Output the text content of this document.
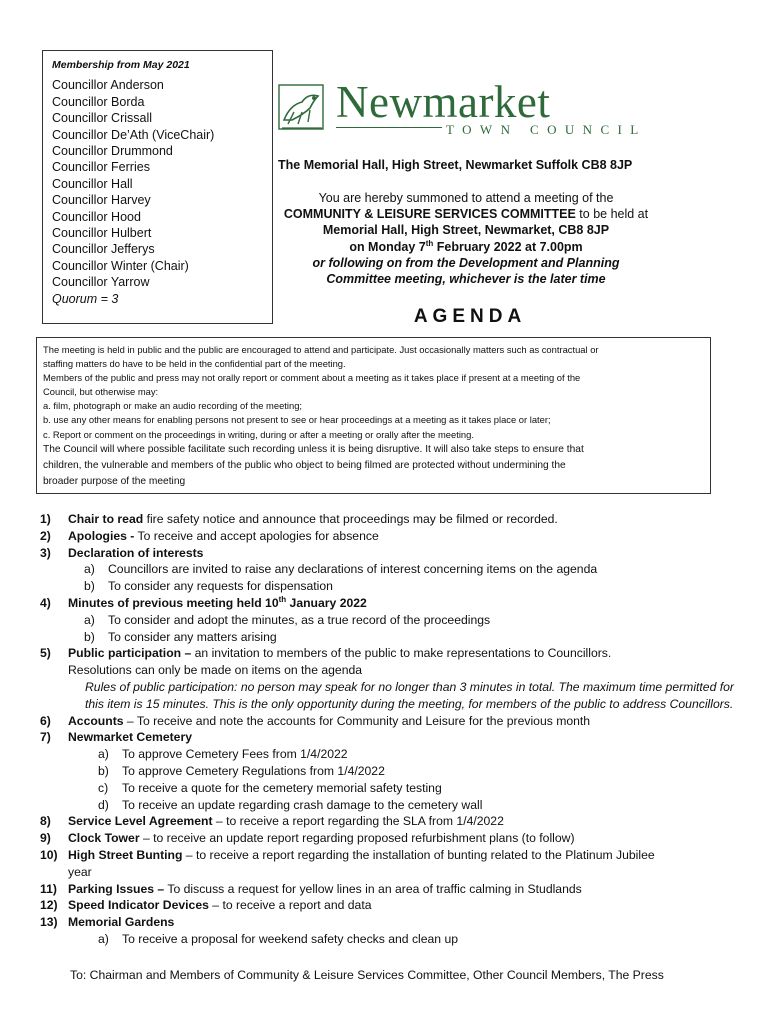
Membership from May 2021
Councillor Anderson
Councillor Borda
Councillor Crissall
Councillor De’Ath (ViceChair)
Councillor Drummond
Councillor Ferries
Councillor Hall
Councillor Harvey
Councillor Hood
Councillor Hulbert
Councillor Jefferys
Councillor Winter (Chair)
Councillor Yarrow
Quorum = 3
Newmarket
TOWN COUNCIL
The Memorial Hall, High Street, Newmarket Suffolk CB8 8JP
You are hereby summoned to attend a meeting of the
COMMUNITY & LEISURE SERVICES COMMITTEE to be held at
Memorial Hall, High Street, Newmarket, CB8 8JP
on Monday 7th February 2022 at 7.00pm
or following on from the Development and Planning
Committee meeting, whichever is the later time
AGENDA
The meeting is held in public and the public are encouraged to attend and participate. Just occasionally matters such as contractual or
staffing matters do have to be held in the confidential part of the meeting.
Members of the public and press may not orally report or comment about a meeting as it takes place if present at a meeting of the
Council, but otherwise may:
a. film, photograph or make an audio recording of the meeting;
b. use any other means for enabling persons not present to see or hear proceedings at a meeting as it takes place or later;
c. Report or comment on the proceedings in writing, during or after a meeting or orally after the meeting.
The Council will where possible facilitate such recording unless it is being disruptive. It will also take steps to ensure that
children, the vulnerable and members of the public who object to being filmed are protected without undermining the
broader purpose of the meeting
1) Chair to read fire safety notice and announce that proceedings may be filmed or recorded.
2) Apologies - To receive and accept apologies for absence
3) Declaration of interests
a) Councillors are invited to raise any declarations of interest concerning items on the agenda
b) To consider any requests for dispensation
4) Minutes of previous meeting held 10th January 2022
a) To consider and adopt the minutes, as a true record of the proceedings
b) To consider any matters arising
5) Public participation – an invitation to members of the public to make representations to Councillors.
Resolutions can only be made on items on the agenda
Rules of public participation: no person may speak for no longer than 3 minutes in total. The maximum time permitted for this item is 15 minutes. This is the only opportunity during the meeting, for members of the public to address Councillors.
6) Accounts – To receive and note the accounts for Community and Leisure for the previous month
7) Newmarket Cemetery
a) To approve Cemetery Fees from 1/4/2022
b) To approve Cemetery Regulations from 1/4/2022
c) To receive a quote for the cemetery memorial safety testing
d) To receive an update regarding crash damage to the cemetery wall
8) Service Level Agreement – to receive a report regarding the SLA from 1/4/2022
9) Clock Tower – to receive an update report regarding proposed refurbishment plans (to follow)
10) High Street Bunting – to receive a report regarding the installation of bunting related to the Platinum Jubilee
year
11) Parking Issues – To discuss a request for yellow lines in an area of traffic calming in Studlands
12) Speed Indicator Devices – to receive a report and data
13) Memorial Gardens
a) To receive a proposal for weekend safety checks and clean up
To: Chairman and Members of Community & Leisure Services Committee, Other Council Members, The Press
